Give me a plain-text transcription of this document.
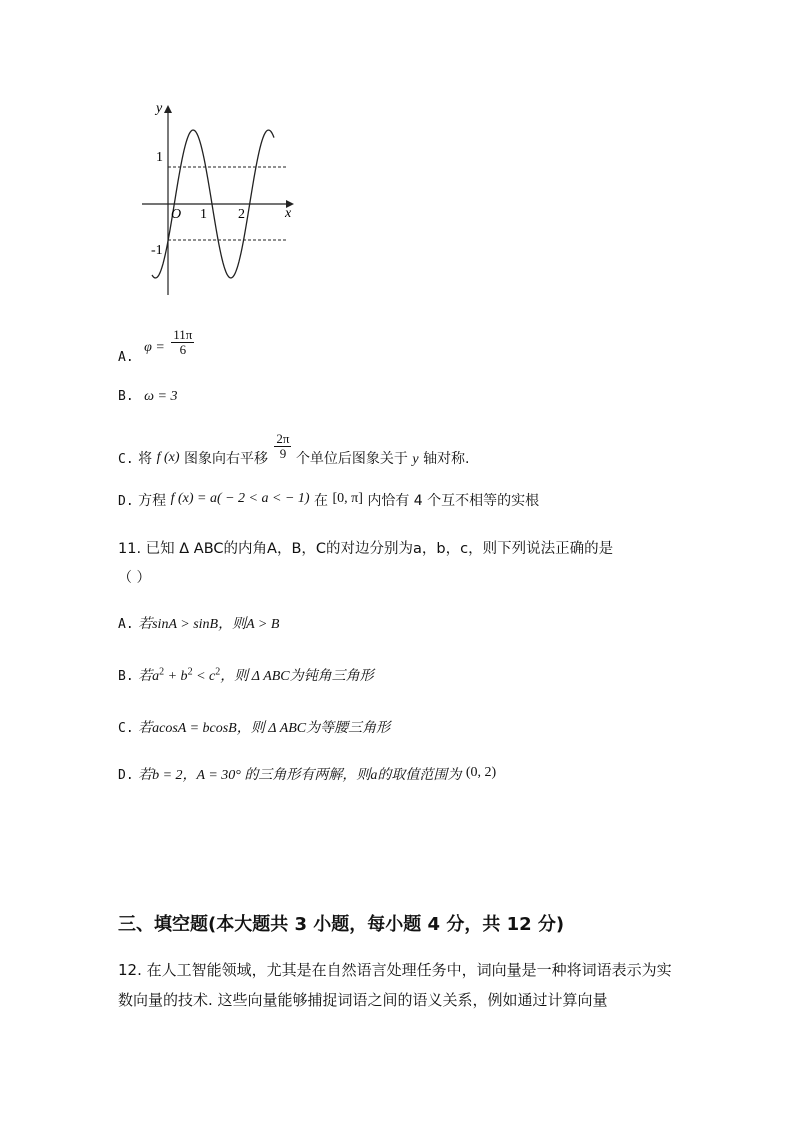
y
x
O 1 2
1
-1
A. $\varphi = \frac{11\pi}{6}$
B. ω = 3
C. 将 f (x) 图象向右平移 $\frac{2\pi}{9}$ 个单位后图象关于 y 轴对称.
D. 方程 f (x) = a( − 2 < a < − 1) 在 [0, π] 内恰有 4 个互不相等的实根
11. 已知 Δ ABC的内角A，B，C的对边分别为a，b，c，则下列说法正确的是
（ ）
A. 若sinA > sinB，则A > B
B. 若$a^2 + b^2 < c^2$，则 Δ ABC为钝角三角形
C. 若acosA = bcosB，则 Δ ABC为等腰三角形
D. 若b = 2，A = 30° 的三角形有两解，则a的取值范围为 (0, 2)
三、填空题(本大题共 3 小题，每小题 4 分，共 12 分)
12. 在人工智能领域，尤其是在自然语言处理任务中，词向量是一种将词语表示为实数向量的技术. 这些向量能够捕捉词语之间的语义关系，例如通过计算向量
